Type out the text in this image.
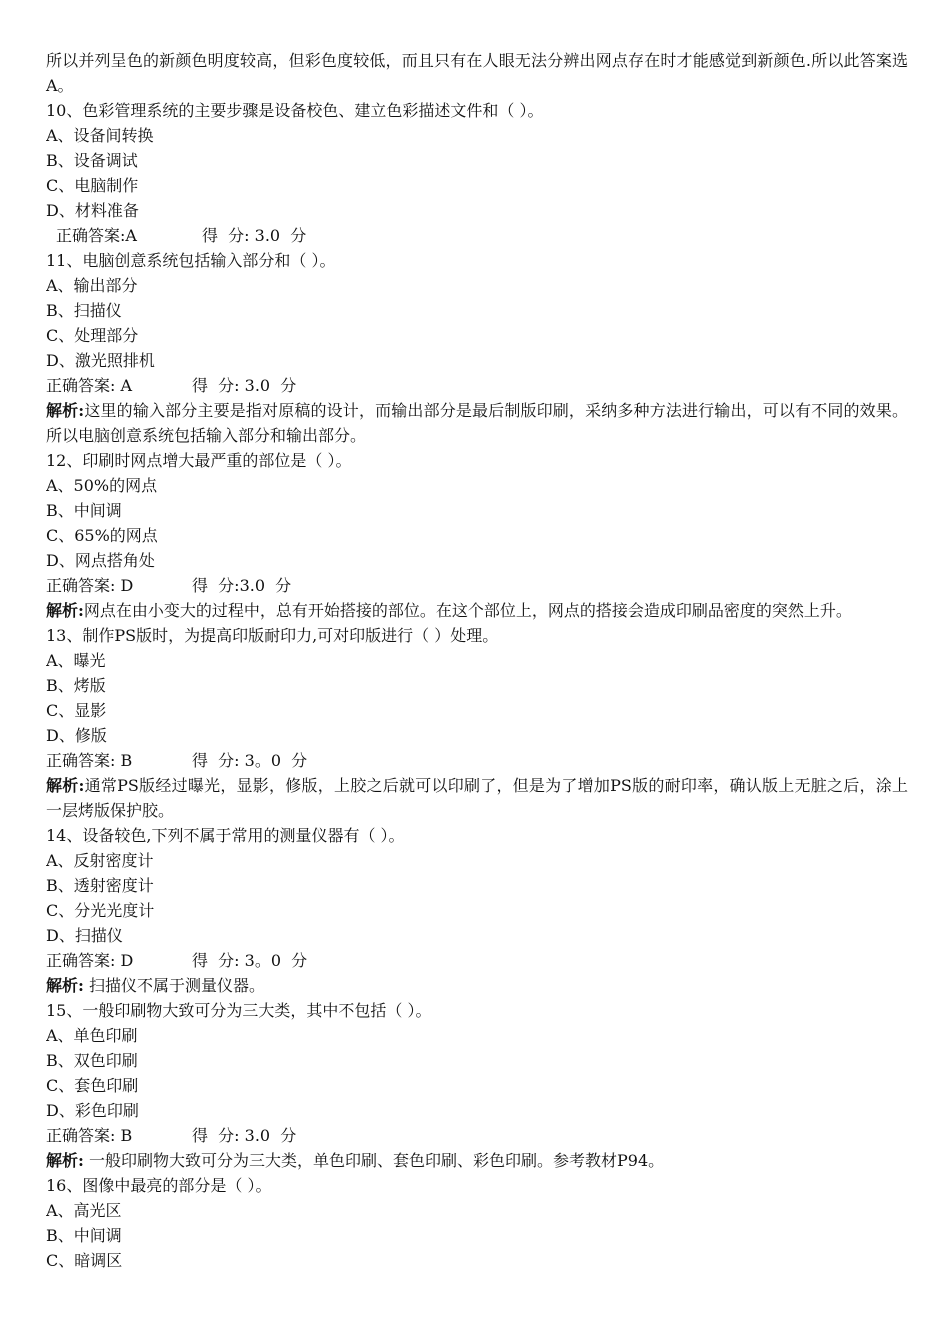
所以并列呈色的新颜色明度较高，但彩色度较低，而且只有在人眼无法分辨出网点存在时才能感觉到新颜色.所以此答案选A。
10、色彩管理系统的主要步骤是设备校色、建立色彩描述文件和（ ）。
A、设备间转换
B、设备调试
C、电脑制作
D、材料准备
正确答案:A	得  分: 3.0  分
11、电脑创意系统包括输入部分和（ ）。
A、输出部分
B、扫描仪
C、处理部分
D、激光照排机
正确答案: A	得  分: 3.0  分
解析:这里的输入部分主要是指对原稿的设计，而输出部分是最后制版印刷，采纳多种方法进行输出，可以有不同的效果。所以电脑创意系统包括输入部分和输出部分。
12、印刷时网点增大最严重的部位是（ ）。
A、50%的网点
B、中间调
C、65%的网点
D、网点搭角处
正确答案: D	得  分:3.0  分
解析:网点在由小变大的过程中，总有开始搭接的部位。在这个部位上，网点的搭接会造成印刷品密度的突然上升。
13、制作PS版时，为提高印版耐印力,可对印版进行（ ）处理。
A、曝光
B、烤版
C、显影
D、修版
正确答案: B	得  分: 3。0  分
解析:通常PS版经过曝光，显影，修版，上胶之后就可以印刷了，但是为了增加PS版的耐印率，确认版上无脏之后，涂上一层烤版保护胶。
14、设备较色,下列不属于常用的测量仪器有（ ）。
A、反射密度计
B、透射密度计
C、分光光度计
D、扫描仪
正确答案: D	得  分: 3。0  分
解析: 扫描仪不属于测量仪器。
15、一般印刷物大致可分为三大类，其中不包括（ ）。
A、单色印刷
B、双色印刷
C、套色印刷
D、彩色印刷
正确答案: B	得  分: 3.0  分
解析: 一般印刷物大致可分为三大类，单色印刷、套色印刷、彩色印刷。参考教材P94。
16、图像中最亮的部分是（ ）。
A、高光区
B、中间调
C、暗调区
